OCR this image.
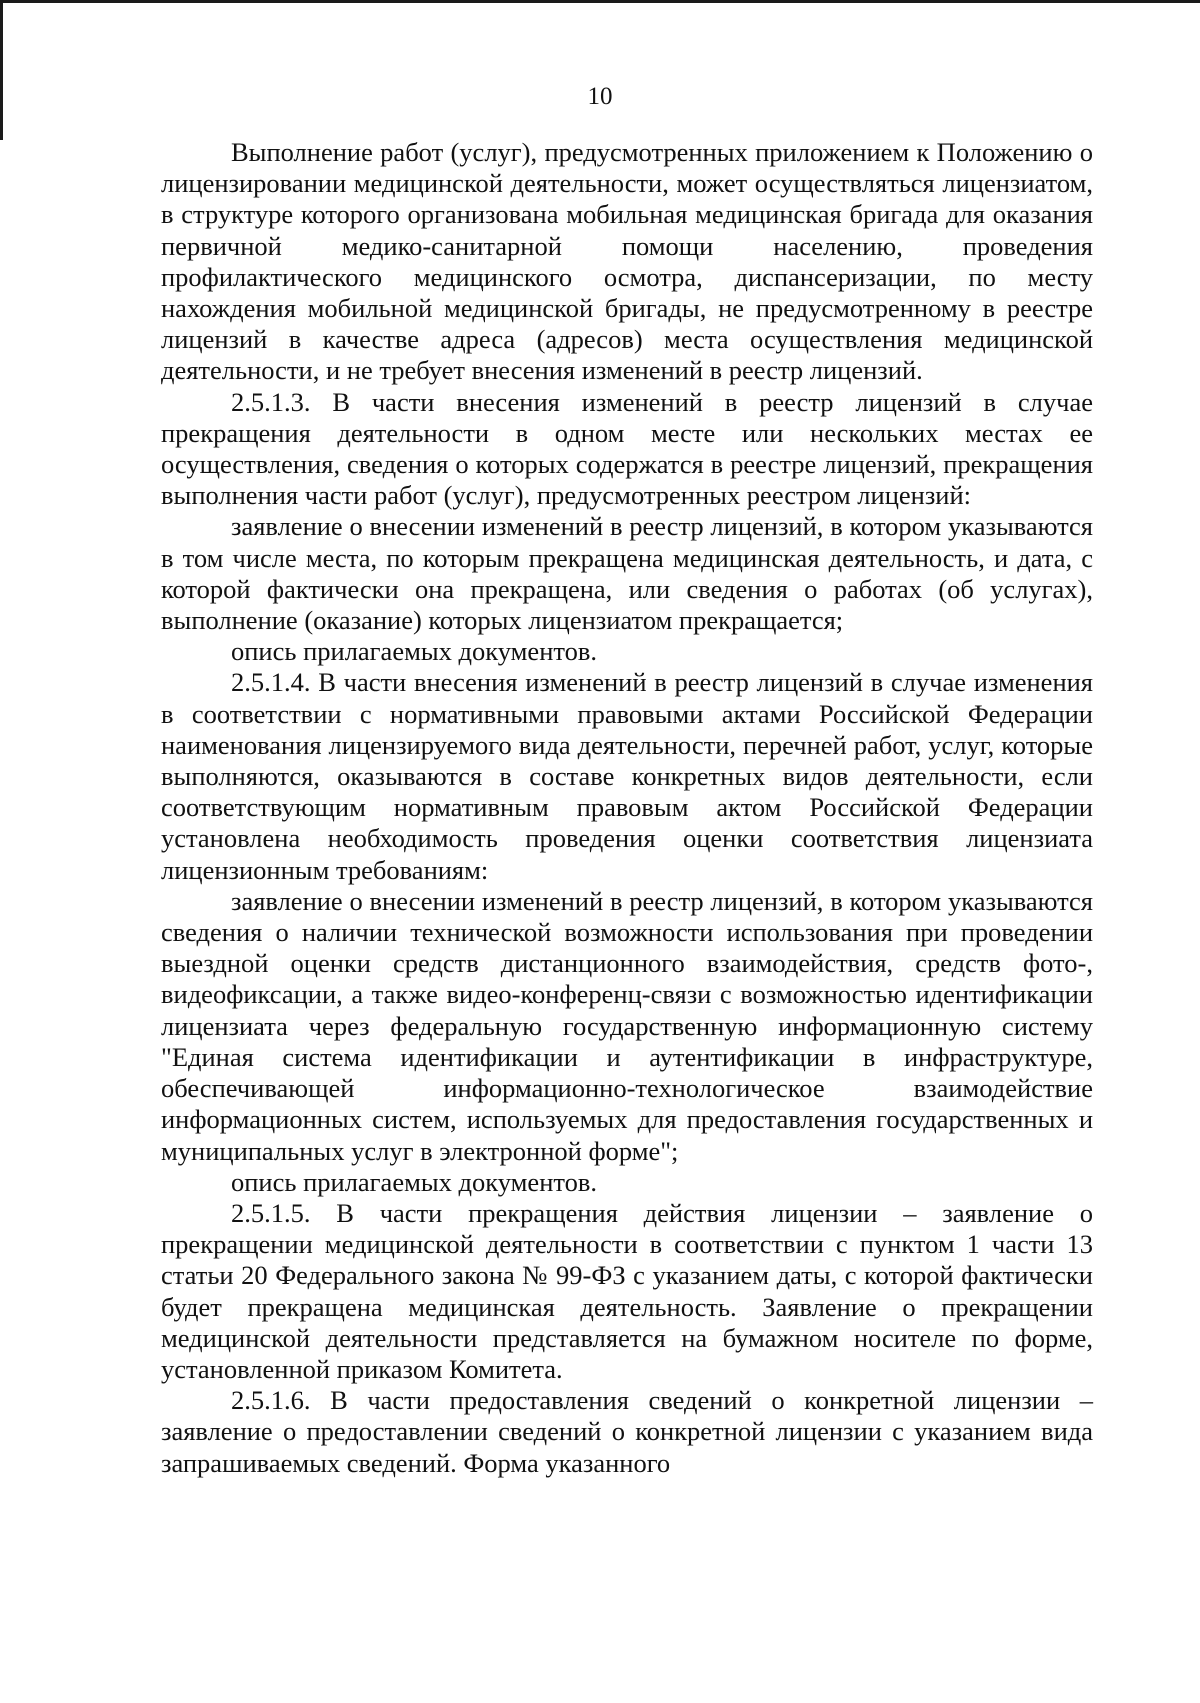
10

Выполнение работ (услуг), предусмотренных приложением к Положению о лицензировании медицинской деятельности, может осуществляться лицензиатом, в структуре которого организована мобильная медицинская бригада для оказания первичной медико-санитарной помощи населению, проведения профилактического медицинского осмотра, диспансеризации, по месту нахождения мобильной медицинской бригады, не предусмотренному в реестре лицензий в качестве адреса (адресов) места осуществления медицинской деятельности, и не требует внесения изменений в реестр лицензий.

2.5.1.3. В части внесения изменений в реестр лицензий в случае прекращения деятельности в одном месте или нескольких местах ее осуществления, сведения о которых содержатся в реестре лицензий, прекращения выполнения части работ (услуг), предусмотренных реестром лицензий:

заявление о внесении изменений в реестр лицензий, в котором указываются в том числе места, по которым прекращена медицинская деятельность, и дата, с которой фактически она прекращена, или сведения о работах (об услугах), выполнение (оказание) которых лицензиатом прекращается;

опись прилагаемых документов.

2.5.1.4. В части внесения изменений в реестр лицензий в случае изменения в соответствии с нормативными правовыми актами Российской Федерации наименования лицензируемого вида деятельности, перечней работ, услуг, которые выполняются, оказываются в составе конкретных видов деятельности, если соответствующим нормативным правовым актом Российской Федерации установлена необходимость проведения оценки соответствия лицензиата лицензионным требованиям:

заявление о внесении изменений в реестр лицензий, в котором указываются сведения о наличии технической возможности использования при проведении выездной оценки средств дистанционного взаимодействия, средств фото-, видеофиксации, а также видео-конференц-связи с возможностью идентификации лицензиата через федеральную государственную информационную систему "Единая система идентификации и аутентификации в инфраструктуре, обеспечивающей информационно-технологическое взаимодействие информационных систем, используемых для предоставления государственных и муниципальных услуг в электронной форме";

опись прилагаемых документов.

2.5.1.5. В части прекращения действия лицензии – заявление о прекращении медицинской деятельности в соответствии с пунктом 1 части 13 статьи 20 Федерального закона № 99-ФЗ с указанием даты, с которой фактически будет прекращена медицинская деятельность. Заявление о прекращении медицинской деятельности представляется на бумажном носителе по форме, установленной приказом Комитета.

2.5.1.6. В части предоставления сведений о конкретной лицензии – заявление о предоставлении сведений о конкретной лицензии с указанием вида запрашиваемых сведений. Форма указанного
